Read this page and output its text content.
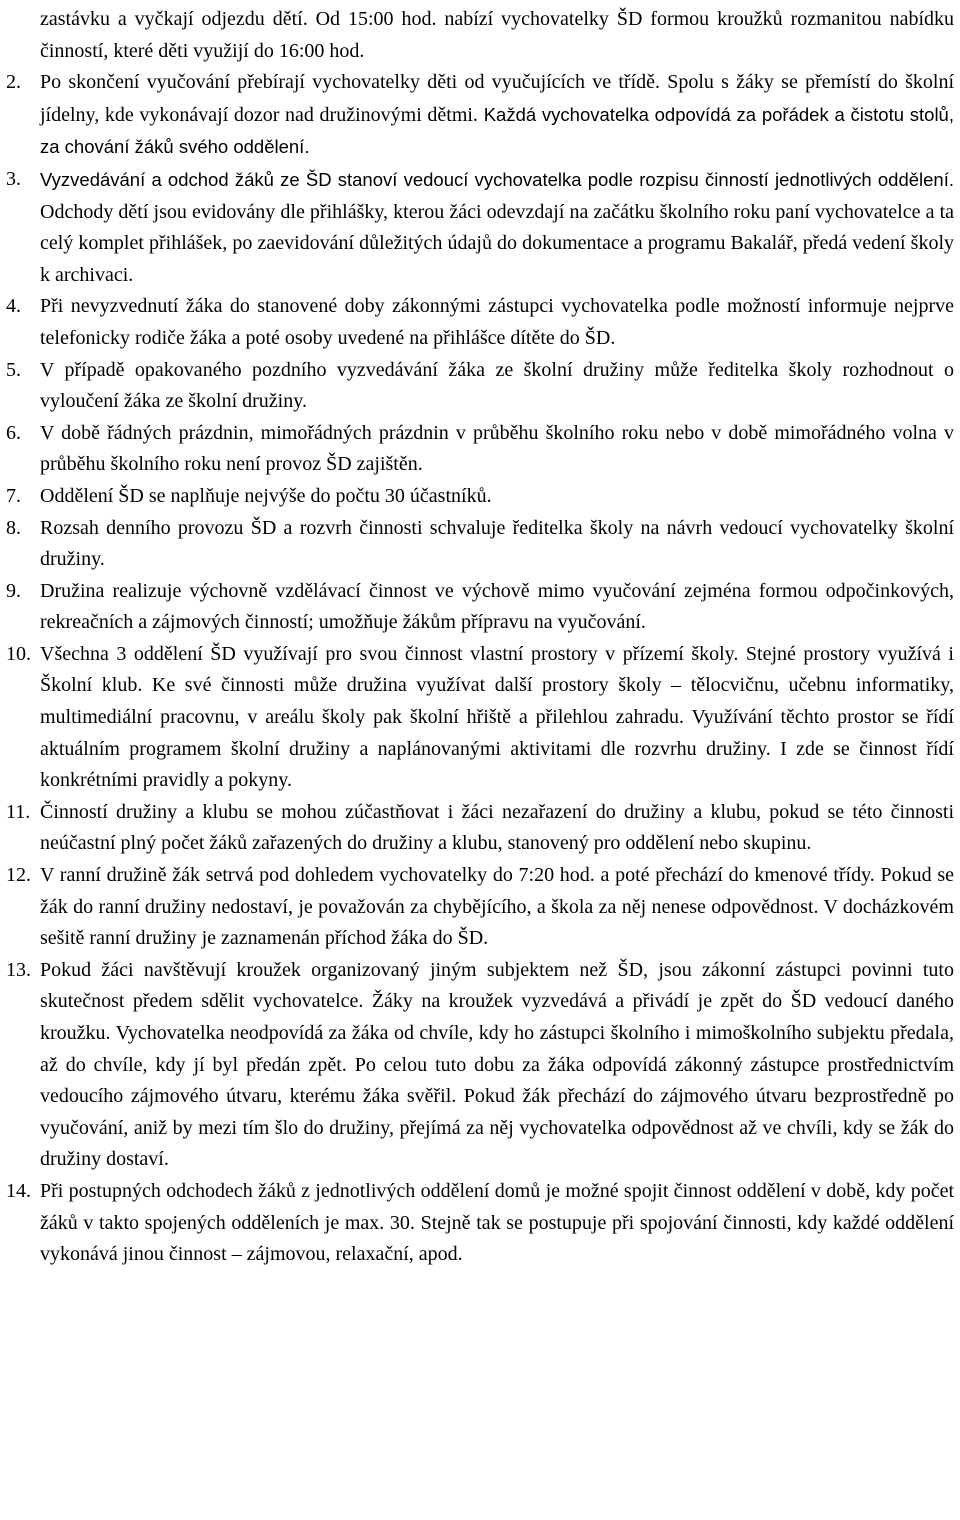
zastávku a vyčkají odjezdu dětí. Od 15:00 hod. nabízí vychovatelky ŠD formou kroužků rozmanitou nabídku činností, které děti využijí do 16:00 hod.
2. Po skončení vyučování přebírají vychovatelky děti od vyučujících ve třídě. Spolu s žáky se přemístí do školní jídelny, kde vykonávají dozor nad družinovými dětmi. Každá vychovatelka odpovídá za pořádek a čistotu stolů, za chování žáků svého oddělení.
3.	Vyzvedávání a odchod žáků ze ŠD stanoví vedoucí vychovatelka podle rozpisu činností jednotlivých oddělení. Odchody dětí jsou evidovány dle přihlášky, kterou žáci odevzdají na začátku školního roku paní vychovatelce a ta celý komplet přihlášek, po zaevidování důležitých údajů do dokumentace a programu Bakalář, předá vedení školy k archivaci.
4. Při nevyzvednutí žáka do stanovené doby zákonnými zástupci vychovatelka podle možností informuje nejprve telefonicky rodiče žáka a poté osoby uvedené na přihlášce dítěte do ŠD.
5. V případě opakovaného pozdního vyzvedávání žáka ze školní družiny může ředitelka školy rozhodnout o vyloučení žáka ze školní družiny.
6. V době řádných prázdnin, mimořádných prázdnin v průběhu školního roku nebo v době mimořádného volna v průběhu školního roku není provoz ŠD zajištěn.
7. Oddělení ŠD se naplňuje nejvýše do počtu 30 účastníků.
8. Rozsah denního provozu ŠD a rozvrh činnosti schvaluje ředitelka školy na návrh vedoucí vychovatelky školní družiny.
9. Družina realizuje výchovně vzdělávací činnost ve výchově mimo vyučování zejména formou odpočinkových, rekreačních a zájmových činností; umožňuje žákům přípravu na vyučování.
10. Všechna 3 oddělení ŠD využívají pro svou činnost vlastní prostory v přízemí školy. Stejné prostory využívá i Školní klub. Ke své činnosti může družina využívat další prostory školy – tělocvičnu, učebnu informatiky, multimediální pracovnu, v areálu školy pak školní hřiště a přilehlou zahradu. Využívání těchto prostor se řídí aktuálním programem školní družiny a naplánovanými aktivitami dle rozvrhu družiny. I zde se činnost řídí konkrétními pravidly a pokyny.
11. Činností družiny a klubu se mohou zúčastňovat i žáci nezařazení do družiny a klubu, pokud se této činnosti neúčastní plný počet žáků zařazených do družiny a klubu, stanovený pro oddělení nebo skupinu.
12. V ranní družině žák setrvá pod dohledem vychovatelky do 7:20 hod. a poté přechází do kmenové třídy. Pokud se žák do ranní družiny nedostaví, je považován za chybějícího, a škola za něj nenese odpovědnost. V docházkovém sešitě ranní družiny je zaznamenán příchod žáka do ŠD.
13. Pokud žáci navštěvují kroužek organizovaný jiným subjektem než ŠD, jsou zákonní zástupci povinni tuto skutečnost předem sdělit vychovatelce. Žáky na kroužek vyzvedává a přivádí je zpět do ŠD vedoucí daného kroužku. Vychovatelka neodpovídá za žáka od chvíle, kdy ho zástupci školního i mimoškolního subjektu předala, až do chvíle, kdy jí byl předán zpět. Po celou tuto dobu za žáka odpovídá zákonný zástupce prostřednictvím vedoucího zájmového útvaru, kterému žáka svěřil. Pokud žák přechází do zájmového útvaru bezprostředně po vyučování, aniž by mezi tím šlo do družiny, přejímá za něj vychovatelka odpovědnost až ve chvíli, kdy se žák do družiny dostaví.
14. Při postupných odchodech žáků z jednotlivých oddělení domů je možné spojit činnost oddělení v době, kdy počet žáků v takto spojených odděleních je max. 30. Stejně tak se postupuje při spojování činnosti, kdy každé oddělení vykonává jinou činnost – zájmovou, relaxační, apod.
